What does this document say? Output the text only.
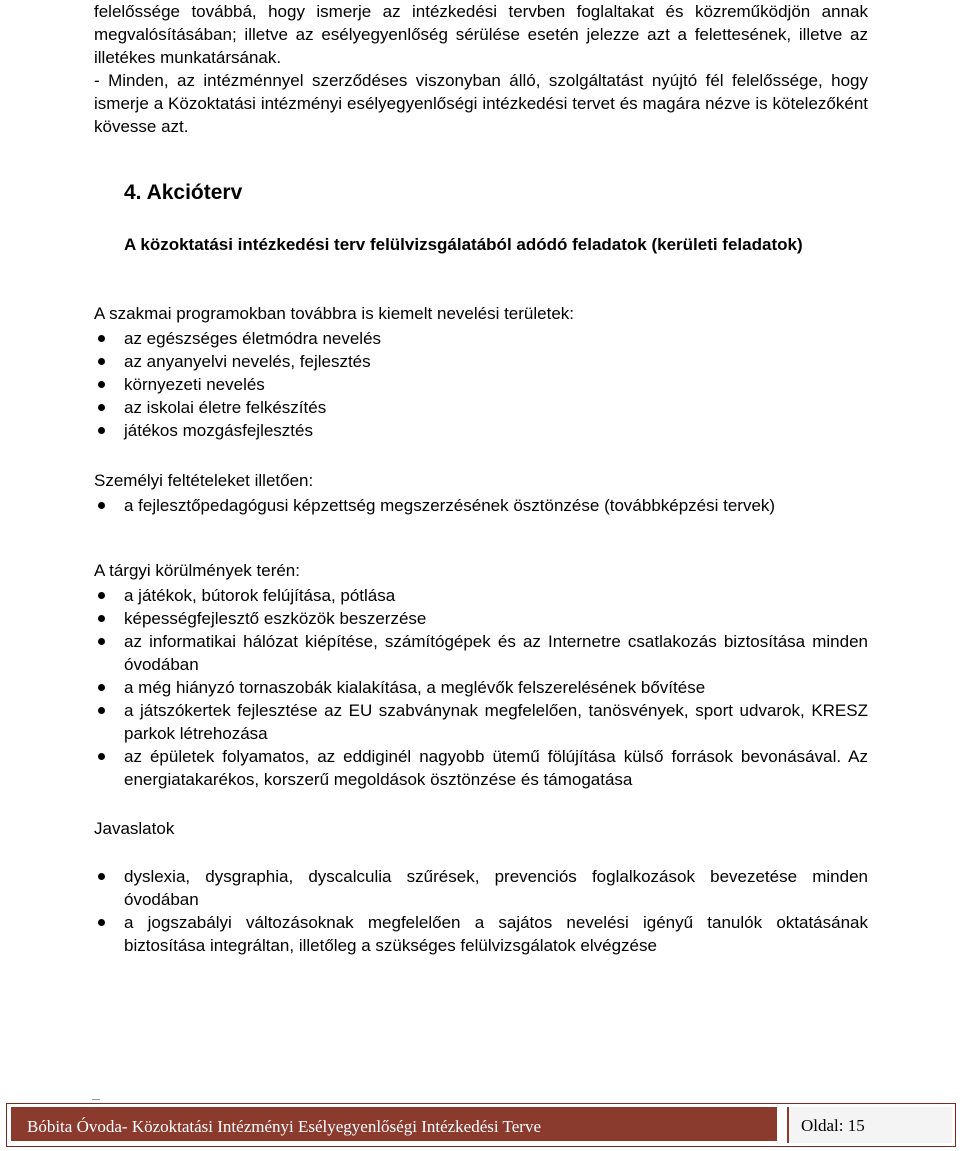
felelőssége továbbá, hogy ismerje az intézkedési tervben foglaltakat és közreműködjön annak megvalósításában; illetve az esélyegyenlőség sérülése esetén jelezze azt a felettesének, illetve az illetékes munkatársának.

- Minden, az intézménnyel szerződéses viszonyban álló, szolgáltatást nyújtó fél felelőssége, hogy ismerje a Közoktatási intézményi esélyegyenlőségi intézkedési tervet és magára nézve is kötelezőként kövesse azt.

4. Akcióterv

A közoktatási intézkedési terv felülvizsgálatából adódó feladatok (kerületi feladatok)

A szakmai programokban továbbra is kiemelt nevelési területek:

az egészséges életmódra nevelés
az anyanyelvi nevelés, fejlesztés
környezeti nevelés
az iskolai életre felkészítés
játékos mozgásfejlesztés

Személyi feltételeket illetően:

a fejlesztőpedagógusi képzettség megszerzésének ösztönzése (továbbképzési tervek)

A tárgyi körülmények terén:

a játékok, bútorok felújítása, pótlása
képességfejlesztő eszközök beszerzése
az informatikai hálózat kiépítése, számítógépek és az Internetre csatlakozás biztosítása minden óvodában
a még hiányzó tornaszobák kialakítása, a meglévők felszerelésének bővítése
a játszókertek fejlesztése az EU szabványnak megfelelően, tanösvények, sport udvarok, KRESZ parkok létrehozása
az épületek folyamatos, az eddiginél nagyobb ütemű fölújítása külső források bevonásával. Az energiatakarékos, korszerű megoldások ösztönzése és támogatása

Javaslatok

dyslexia, dysgraphia, dyscalculia szűrések, prevenciós foglalkozások bevezetése minden óvodában
a jogszabályi változásoknak megfelelően a sajátos nevelési igényű tanulók oktatásának biztosítása integráltan, illetőleg a szükséges felülvizsgálatok elvégzése
Bóbita Óvoda- Közoktatási Intézményi Esélyegyenlőségi Intézkedési Terve	Oldal: 15
